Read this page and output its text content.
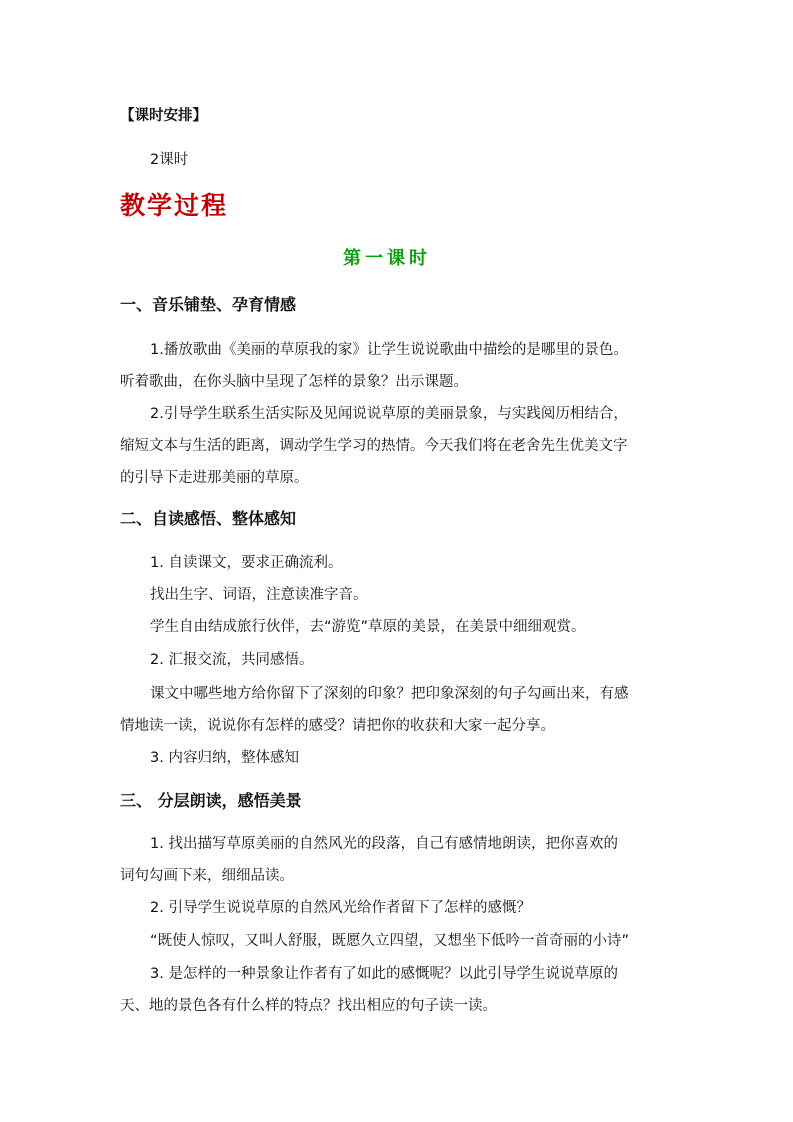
【课时安排】
2课时
教学过程
第一课时
一、音乐铺垫、孕育情感
1.播放歌曲《美丽的草原我的家》让学生说说歌曲中描绘的是哪里的景色。
听着歌曲，在你头脑中呈现了怎样的景象？出示课题。
2.引导学生联系生活实际及见闻说说草原的美丽景象，与实践阅历相结合，
缩短文本与生活的距离，调动学生学习的热情。今天我们将在老舍先生优美文字
的引导下走进那美丽的草原。
二、自读感悟、整体感知
1. 自读课文，要求正确流利。
找出生字、词语，注意读准字音。
学生自由结成旅行伙伴，去“游览”草原的美景，在美景中细细观赏。
2. 汇报交流，共同感悟。
课文中哪些地方给你留下了深刻的印象？把印象深刻的句子勾画出来，有感
情地读一读，说说你有怎样的感受？请把你的收获和大家一起分享。
3. 内容归纳，整体感知
三、 分层朗读，感悟美景
1. 找出描写草原美丽的自然风光的段落，自己有感情地朗读，把你喜欢的
词句勾画下来，细细品读。
2. 引导学生说说草原的自然风光给作者留下了怎样的感慨？
“既使人惊叹，又叫人舒服，既愿久立四望，又想坐下低吟一首奇丽的小诗”
3. 是怎样的一种景象让作者有了如此的感慨呢？以此引导学生说说草原的
天、地的景色各有什么样的特点？找出相应的句子读一读。
